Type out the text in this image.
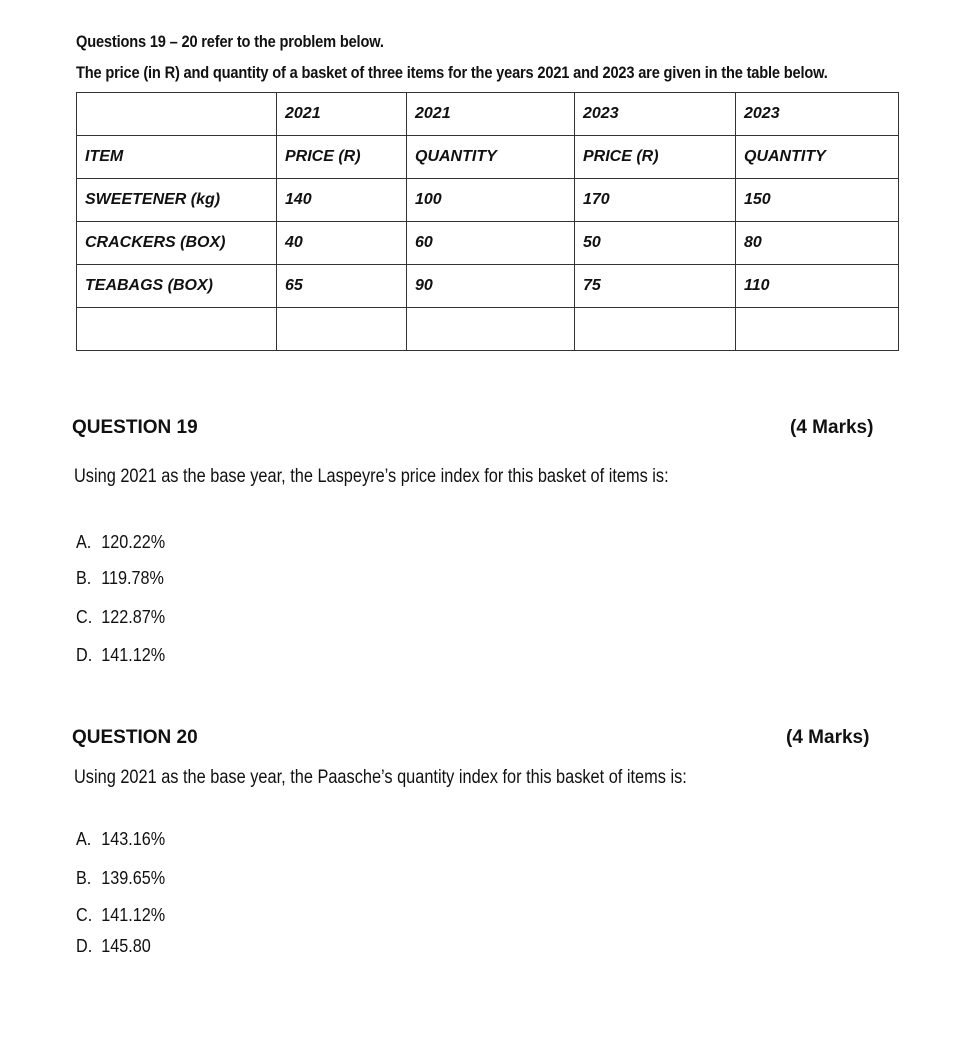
Questions 19 – 20 refer to the problem below.
The price (in R) and quantity of a basket of three items for the years 2021 and 2023 are given in the table below.
	2021	2021	2023	2023
ITEM	PRICE (R)	QUANTITY	PRICE (R)	QUANTITY
SWEETENER (kg)	140	100	170	150
CRACKERS (BOX)	40	60	50	80
TEABAGS (BOX)	65	90	75	110

QUESTION 19	(4 Marks)
Using 2021 as the base year, the Laspeyre’s price index for this basket of items is:
A. 120.22%
B. 119.78%
C. 122.87%
D. 141.12%
QUESTION 20	(4 Marks)
Using 2021 as the base year, the Paasche’s quantity index for this basket of items is:
A. 143.16%
B. 139.65%
C. 141.12%
D. 145.80
